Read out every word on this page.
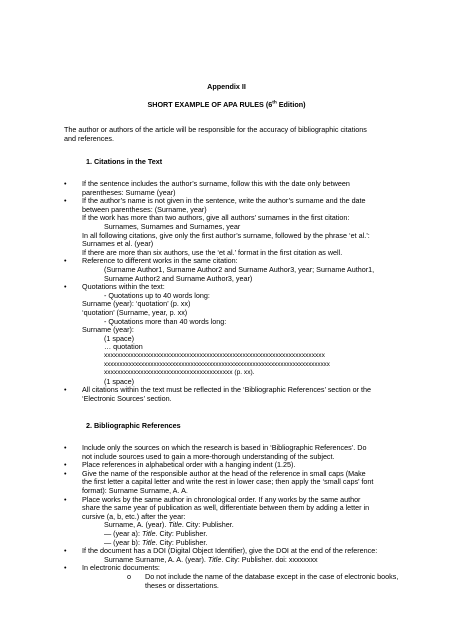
Appendix II
SHORT EXAMPLE OF APA RULES (6th Edition)
The author or authors of the article will be responsible for the accuracy of bibliographic citations
and references.
1. Citations in the Text
• If the sentence includes the author’s surname, follow this with the date only between
parentheses: Surname (year)
• If the author’s name is not given in the sentence, write the author’s surname and the date
between parentheses: (Surname, year)
If the work has more than two authors, give all authors’ surnames in the first citation:
Surnames, Surnames and Surnames, year
In all following citations, give only the first author’s surname, followed by the phrase ‘et al.’:
Surnames et al. (year)
If there are more than six authors, use the ‘et al.’ format in the first citation as well.
• Reference to different works in the same citation:
(Surname Author1, Surname Author2 and Surname Author3, year; Surname Author1,
Surname Author2 and Surname Author3, year)
• Quotations within the text:
- Quotations up to 40 words long:
Surname (year): ‘quotation’ (p. xx)
‘quotation’ (Surname, year, p. xx)
- Quotations more than 40 words long:
Surname (year):
(1 space)
… quotation
xxxxxxxxxxxxxxxxxxxxxxxxxxxxxxxxxxxxxxxxxxxxxxxxxxxxxxxxxxxxxxxxxxx
xxxxxxxxxxxxxxxxxxxxxxxxxxxxxxxxxxxxxxxxxxxxxxxxxxxxxxxxxxxxxxxxxxxxxxxxx
xxxxxxxxxxxxxxxxxxxxxxxxxxxxxxxxxxxxxxx (p. xx).
(1 space)
• All citations within the text must be reflected in the ‘Bibliographic References’ section or the
‘Electronic Sources’ section.
2. Bibliographic References
• Include only the sources on which the research is based in ‘Bibliographic References’. Do
not include sources used to gain a more-thorough understanding of the subject.
• Place references in alphabetical order with a hanging indent (1.25).
• Give the name of the responsible author at the head of the reference in small caps (Make
the first letter a capital letter and write the rest in lower case; then apply the ‘small caps’ font
format): Surname Surname, A. A.
• Place works by the same author in chronological order. If any works by the same author
share the same year of publication as well, differentiate between them by adding a letter in
cursive (a, b, etc.) after the year:
Surname, A. (year). Title. City: Publisher.
— (year a): Title. City: Publisher.
— (year b): Title. City: Publisher.
• If the document has a DOI (Digital Object Identifier), give the DOI at the end of the reference:
Surname Surname, A. A. (year). Title. City: Publisher. doi: xxxxxxxx
• In electronic documents:
o Do not include the name of the database except in the case of electronic books,
theses or dissertations.
